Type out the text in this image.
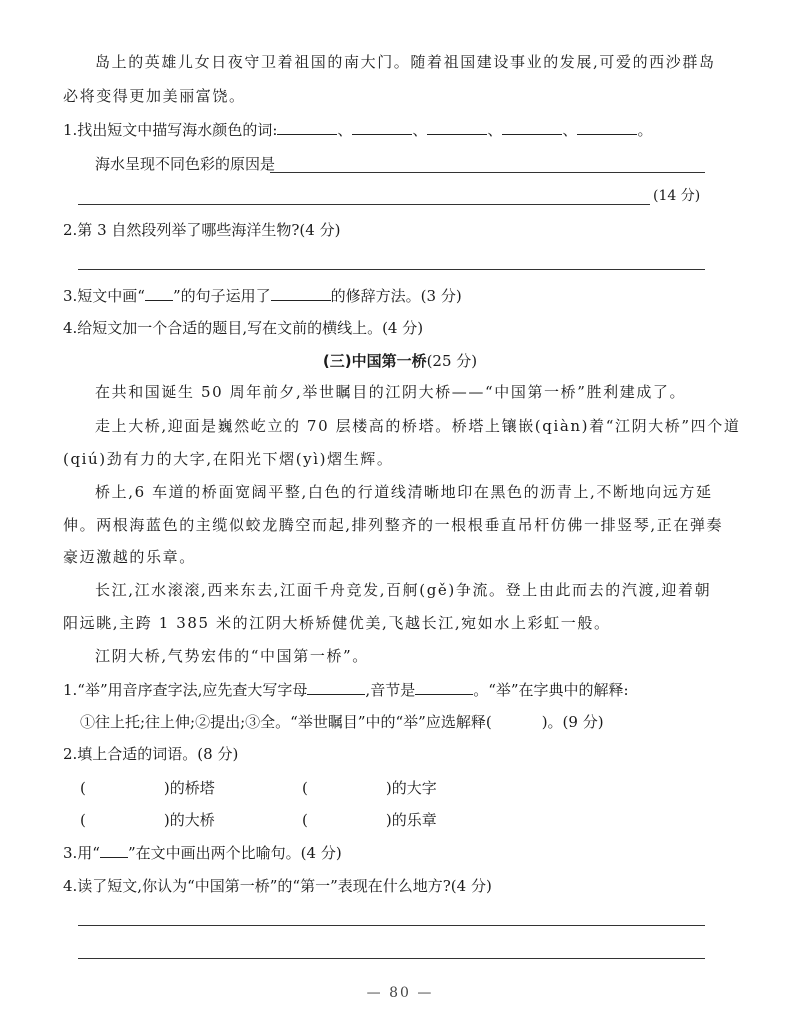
岛上的英雄儿女日夜守卫着祖国的南大门。随着祖国建设事业的发展,可爱的西沙群岛
必将变得更加美丽富饶。
1.找出短文中描写海水颜色的词:	、	、	、	、	。
海水呈现不同色彩的原因是
(14 分)
2.第 3 自然段列举了哪些海洋生物?(4 分)
3.短文中画“ ”的句子运用了	的修辞方法。(3 分)
4.给短文加一个合适的题目,写在文前的横线上。(4 分)
(三)中国第一桥(25 分)
在共和国诞生 50 周年前夕,举世瞩目的江阴大桥——“中国第一桥”胜利建成了。
走上大桥,迎面是巍然屹立的 70 层楼高的桥塔。桥塔上镶嵌(qiàn)着“江阴大桥”四个道
(qiú)劲有力的大字,在阳光下熠(yì)熠生辉。
桥上,6 车道的桥面宽阔平整,白色的行道线清晰地印在黑色的沥青上,不断地向远方延
伸。两根海蓝色的主缆似蛟龙腾空而起,排列整齐的一根根垂直吊杆仿佛一排竖琴,正在弹奏
豪迈激越的乐章。
长江,江水滚滚,西来东去,江面千舟竞发,百舸(gě)争流。登上由此而去的汽渡,迎着朝
阳远眺,主跨 1 385 米的江阴大桥矫健优美,飞越长江,宛如水上彩虹一般。
江阴大桥,气势宏伟的“中国第一桥”。
1.“举”用音序查字法,应先查大写字母	,音节是	。“举”在字典中的解释:
①往上托;往上伸;②提出;③全。“举世瞩目”中的“举”应选解释(	)。(9 分)
2.填上合适的词语。(8 分)
(	)的桥塔	(	)的大字
(	)的大桥	(	)的乐章
3.用“ ”在文中画出两个比喻句。(4 分)
4.读了短文,你认为“中国第一桥”的“第一”表现在什么地方?(4 分)
— 80 —
